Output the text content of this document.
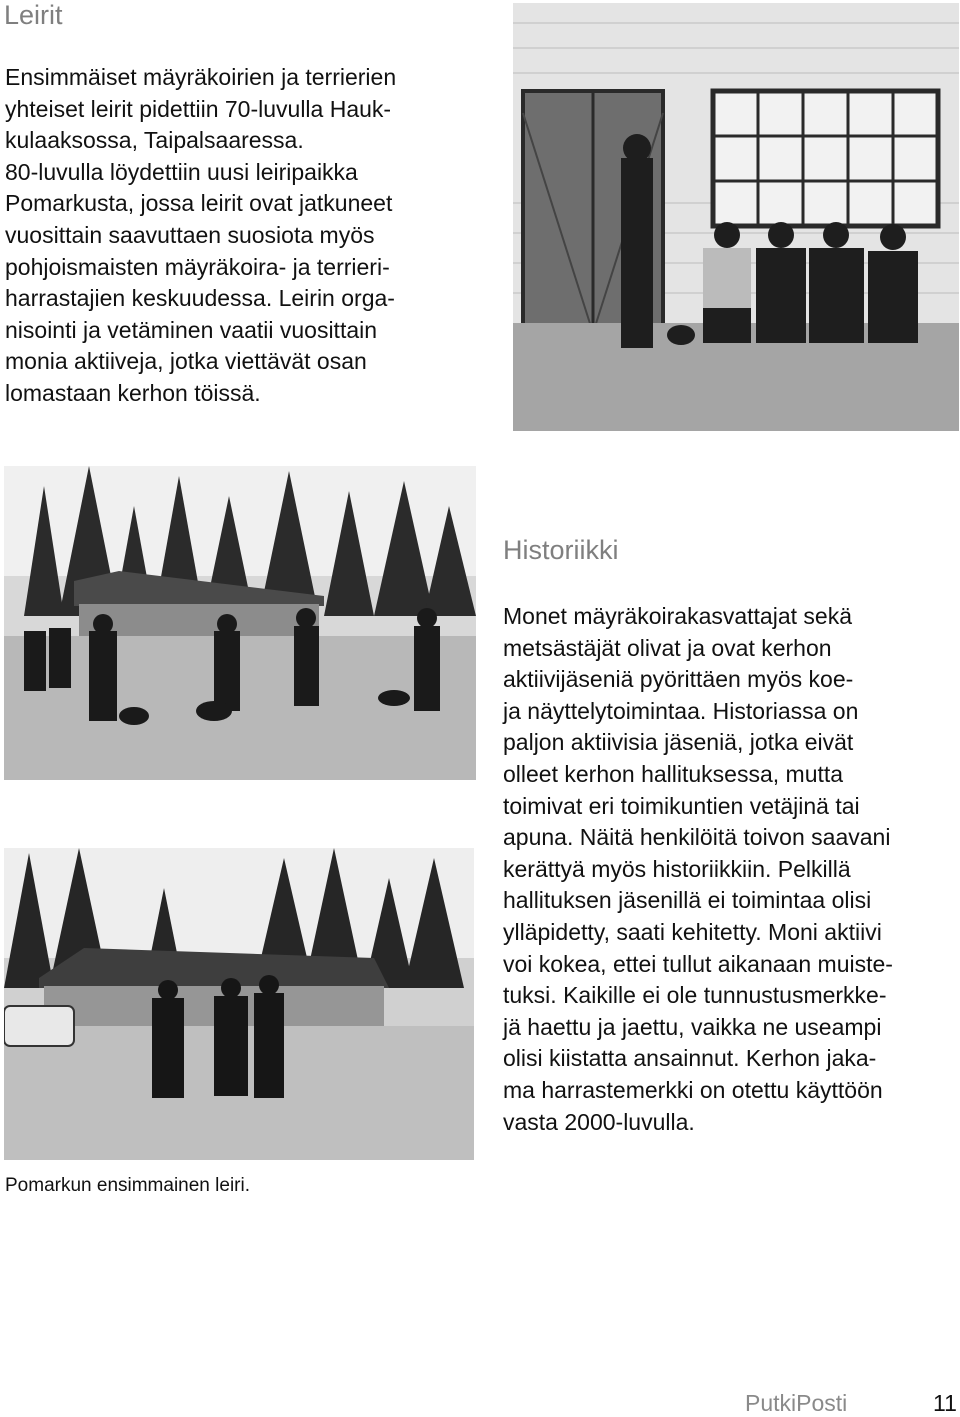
Leirit
Ensimmäiset mäyräkoirien ja terrierien
yhteiset leirit pidettiin 70-luvulla Hauk-
kulaaksossa, Taipalsaaressa.
80-luvulla löydettiin uusi leiripaikka
Pomarkusta, jossa leirit ovat jatkuneet
vuosittain saavuttaen suosiota myös
pohjoismaisten mäyräkoira- ja terrieri-
harrastajien keskuudessa. Leirin orga-
nisointi ja vetäminen vaatii vuosittain
monia aktiiveja, jotka viettävät osan
lomastaan kerhon töissä.
Historiikki
Monet mäyräkoirakasvattajat sekä
metsästäjät olivat ja ovat kerhon
aktiivijäseniä pyörittäen myös koe-
ja näyttelytoimintaa. Historiassa on
paljon aktiivisia jäseniä, jotka eivät
olleet kerhon hallituksessa, mutta
toimivat eri toimikuntien vetäjinä tai
apuna. Näitä henkilöitä toivon saavani
kerättyä myös historiikkiin. Pelkillä
hallituksen jäsenillä ei toimintaa olisi
ylläpidetty, saati kehitetty. Moni aktiivi
voi kokea, ettei tullut aikanaan muiste-
tuksi. Kaikille ei ole tunnustusmerkke-
jä haettu ja jaettu, vaikka ne useampi
olisi kiistatta ansainnut. Kerhon jaka-
ma harrastemerkki on otettu käyttöön
vasta 2000-luvulla.
Pomarkun ensimmainen leiri.
PutkiPosti	11
